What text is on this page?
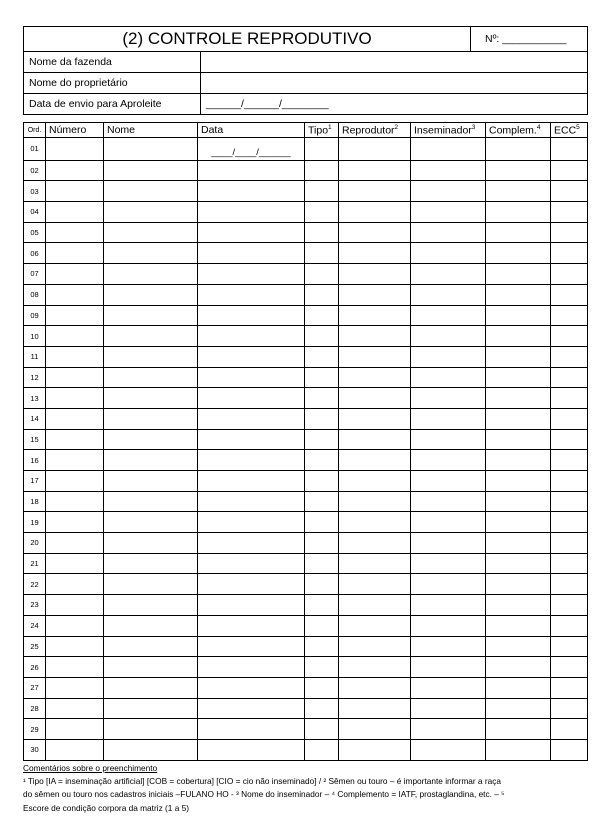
(2) CONTROLE REPRODUTIVO		Nº: ___________
Nome da fazenda		
Nome do proprietário		
Data de envio para Aproleite	______/______/________	
Ord.	Número	Nome	Data	Tipo$^1$	Reprodutor$^2$	Inseminador$^3$	Complem.$^4$	ECC$^5$
01			____/____/______					
02								
03								
04								
05								
06								
07								
08								
09								
10								
11								
12								
13								
14								
15								
16								
17								
18								
19								
20								
21								
22								
23								
24								
25								
26								
27								
28								
29								
30								
Comentários sobre o preenchimento
¹ Tipo [IA = inseminação artificial] [COB = cobertura] [CIO = cio não inseminado] / ² Sêmen ou touro – é importante informar a raça
do sêmen ou touro nos cadastros iniciais –FULANO HO - ³ Nome do inseminador – ⁴ Complemento = IATF, prostaglandina, etc. – ⁵
Escore de condição corpora da matriz (1 a 5)
